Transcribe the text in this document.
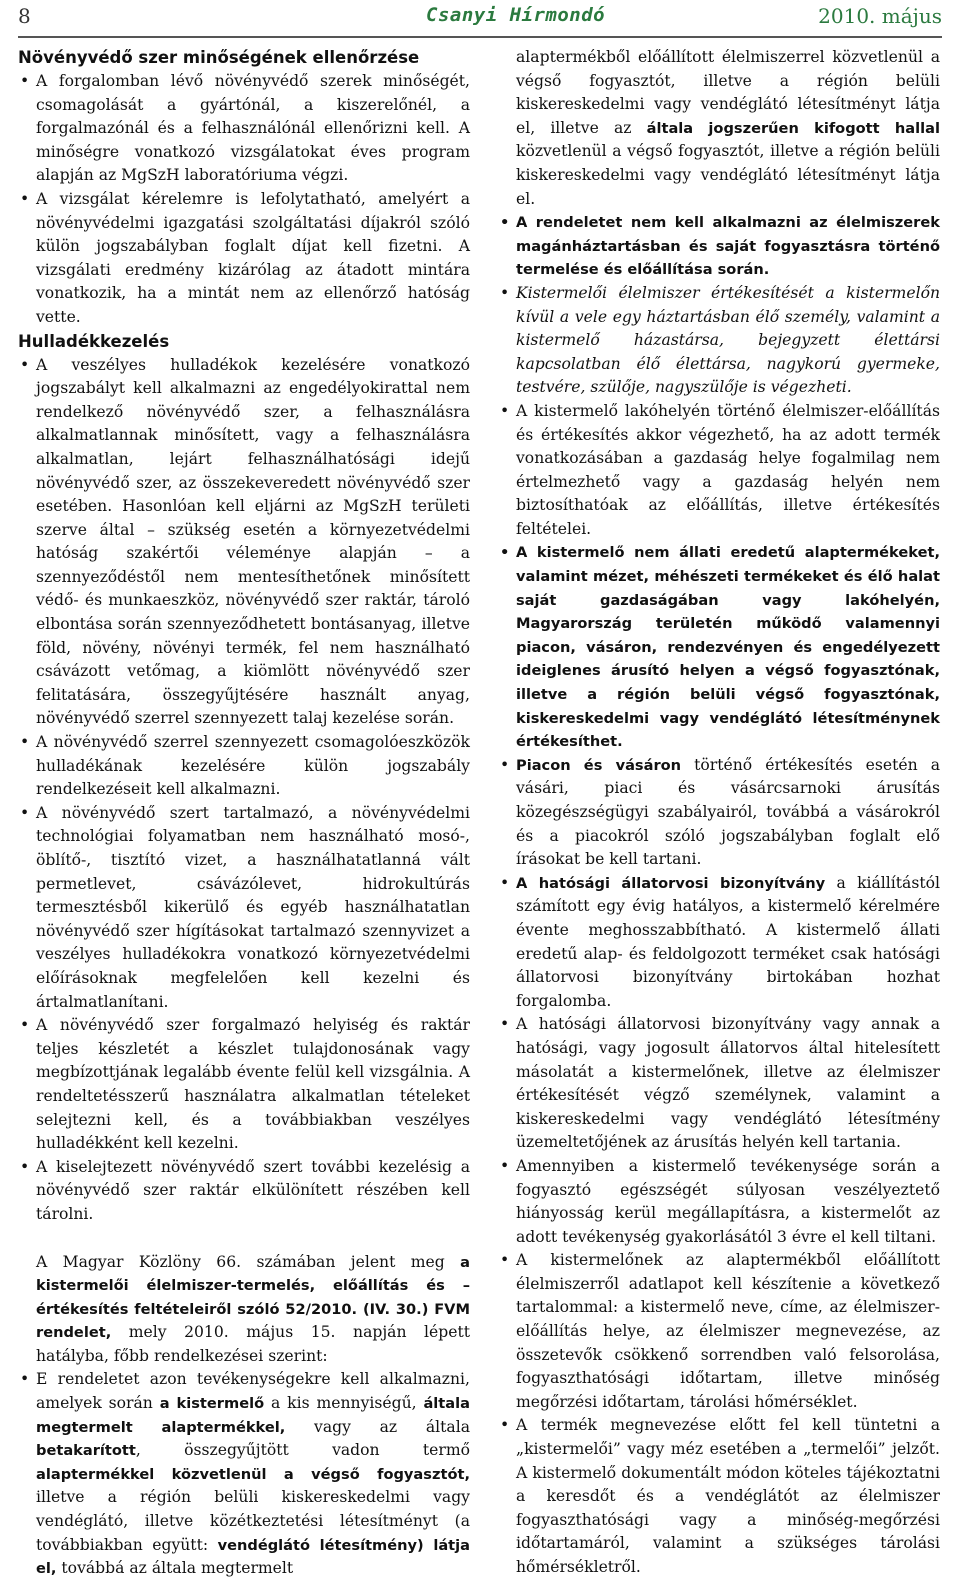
8	Csanyi Hírmondó	2010. május
Növényvédő szer minőségének ellenőrzése
• A forgalomban lévő növényvédő szerek minőségét, csomagolását a gyártónál, a kiszerelőnél, a forgalmazónál és a felhasználónál ellenőrizni kell. A minőségre vonatkozó vizsgálatokat éves program alapján az MgSzH laboratóriuma végzi.
• A vizsgálat kérelemre is lefolytatható, amelyért a növényvédelmi igazgatási szolgáltatási díjakról szóló külön jogszabályban foglalt díjat kell fizetni. A vizsgálati eredmény kizárólag az átadott mintára vonatkozik, ha a mintát nem az ellenőrző hatóság vette.
Hulladékkezelés
• A veszélyes hulladékok kezelésére vonatkozó jogszabályt kell alkalmazni az engedélyokirattal nem rendelkező növényvédő szer, a felhasználásra alkalmatlannak minősített, vagy a felhasználásra alkalmatlan, lejárt felhasználhatósági idejű növényvédő szer, az összekeveredett növényvédő szer esetében. Hasonlóan kell eljárni az MgSzH területi szerve által – szükség esetén a környezetvédelmi hatóság szakértői véleménye alapján – a szennyeződéstől nem mentesíthetőnek minősített védő- és munkaeszköz, növényvédő szer raktár, tároló elbontása során szennyeződhetett bontásanyag, illetve föld, növény, növényi termék, fel nem használható csávázott vetőmag, a kiömlött növényvédő szer felitatására, összegyűjtésére használt anyag, növényvédő szerrel szennyezett talaj kezelése során.
• A növényvédő szerrel szennyezett csomagolóeszközök hulladékának kezelésére külön jogszabály rendelkezéseit kell alkalmazni.
• A növényvédő szert tartalmazó, a növényvédelmi technológiai folyamatban nem használható mosó-, öblítő-, tisztító vizet, a használhatatlanná vált permetlevet, csávázólevet, hidrokultúrás termesztésből kikerülő és egyéb használhatatlan növényvédő szer hígításokat tartalmazó szennyvizet a veszélyes hulladékokra vonatkozó környezetvédelmi előírásoknak megfelelően kell kezelni és ártalmatlanítani.
• A növényvédő szer forgalmazó helyiség és raktár teljes készletét a készlet tulajdonosának vagy megbízottjának legalább évente felül kell vizsgálnia. A rendeltetésszerű használatra alkalmatlan tételeket selejtezni kell, és a továbbiakban veszélyes hulladékként kell kezelni.
• A kiselejtezett növényvédő szert további kezelésig a növényvédő szer raktár elkülönített részében kell tárolni.

A Magyar Közlöny 66. számában jelent meg a kistermelői élelmiszer-termelés, előállítás és – értékesítés feltételeiről szóló 52/2010. (IV. 30.) FVM rendelet, mely 2010. május 15. napján lépett hatályba, főbb rendelkezései szerint:

• E rendeletet azon tevékenységekre kell alkalmazni, amelyek során a kistermelő a kis mennyiségű, általa megtermelt alaptermékkel, vagy az általa betakarított, összegyűjtött vadon termő alaptermékkel közvetlenül a végső fogyasztót, illetve a régión belüli kiskereskedelmi vagy vendéglátó, illetve közétkeztetési létesítményt (a továbbiakban együtt: vendéglátó létesítmény) látja el, továbbá az általa megtermelt

alaptermékből előállított élelmiszerrel közvetlenül a végső fogyasztót, illetve a régión belüli kiskereskedelmi vagy vendéglátó létesítményt látja el, illetve az általa jogszerűen kifogott hallal közvetlenül a végső fogyasztót, illetve a régión belüli kiskereskedelmi vagy vendéglátó létesítményt látja el.

• A rendeletet nem kell alkalmazni az élelmiszerek magánháztartásban és saját fogyasztásra történő termelése és előállítása során.
• Kistermelői élelmiszer értékesítését a kistermelőn kívül a vele egy háztartásban élő személy, valamint a kistermelő házastársa, bejegyzett élettársi kapcsolatban élő élettársa, nagykorú gyermeke, testvére, szülője, nagyszülője is végezheti.
• A kistermelő lakóhelyén történő élelmiszer-előállítás és értékesítés akkor végezhető, ha az adott termék vonatkozásában a gazdaság helye fogalmilag nem értelmezhető vagy a gazdaság helyén nem biztosíthatóak az előállítás, illetve értékesítés feltételei.
• A kistermelő nem állati eredetű alaptermékeket, valamint mézet, méhészeti termékeket és élő halat saját gazdaságában vagy lakóhelyén, Magyarország területén működő valamennyi piacon, vásáron, rendezvényen és engedélyezett ideiglenes árusító helyen a végső fogyasztónak, illetve a régión belüli végső fogyasztónak, kiskereskedelmi vagy vendéglátó létesítménynek értékesíthet.
• Piacon és vásáron történő értékesítés esetén a vásári, piaci és vásárcsarnoki árusítás közegészségügyi szabályairól, továbbá a vásárokról és a piacokról szóló jogszabályban foglalt elő írásokat be kell tartani.
• A hatósági állatorvosi bizonyítvány a kiállítástól számított egy évig hatályos, a kistermelő kérelmére évente meghosszabbítható. A kistermelő állati eredetű alap- és feldolgozott terméket csak hatósági állatorvosi bizonyítvány birtokában hozhat forgalomba.
• A hatósági állatorvosi bizonyítvány vagy annak a hatósági, vagy jogosult állatorvos által hitelesített másolatát a kistermelőnek, illetve az élelmiszer értékesítését végző személynek, valamint a kiskereskedelmi vagy vendéglátó létesítmény üzemeltetőjének az árusítás helyén kell tartania.
• Amennyiben a kistermelő tevékenysége során a fogyasztó egészségét súlyosan veszélyeztető hiányosság kerül megállapításra, a kistermelőt az adott tevékenység gyakorlásától 3 évre el kell tiltani.
• A kistermelőnek az alaptermékből előállított élelmiszerről adatlapot kell készítenie a következő tartalommal: a kistermelő neve, címe, az élelmiszer-előállítás helye, az élelmiszer megnevezése, az összetevők csökkenő sorrendben való felsorolása, fogyaszthatósági időtartam, illetve minőség megőrzési időtartam, tárolási hőmérséklet.
• A termék megnevezése előtt fel kell tüntetni a „kistermelői” vagy méz esetében a „termelői” jelzőt. A kistermelő dokumentált módon köteles tájékoztatni a keresdőt és a vendéglátót az élelmiszer fogyaszthatósági vagy a minőség-megőrzési időtartamáról, valamint a szükséges tárolási hőmérsékletről.
